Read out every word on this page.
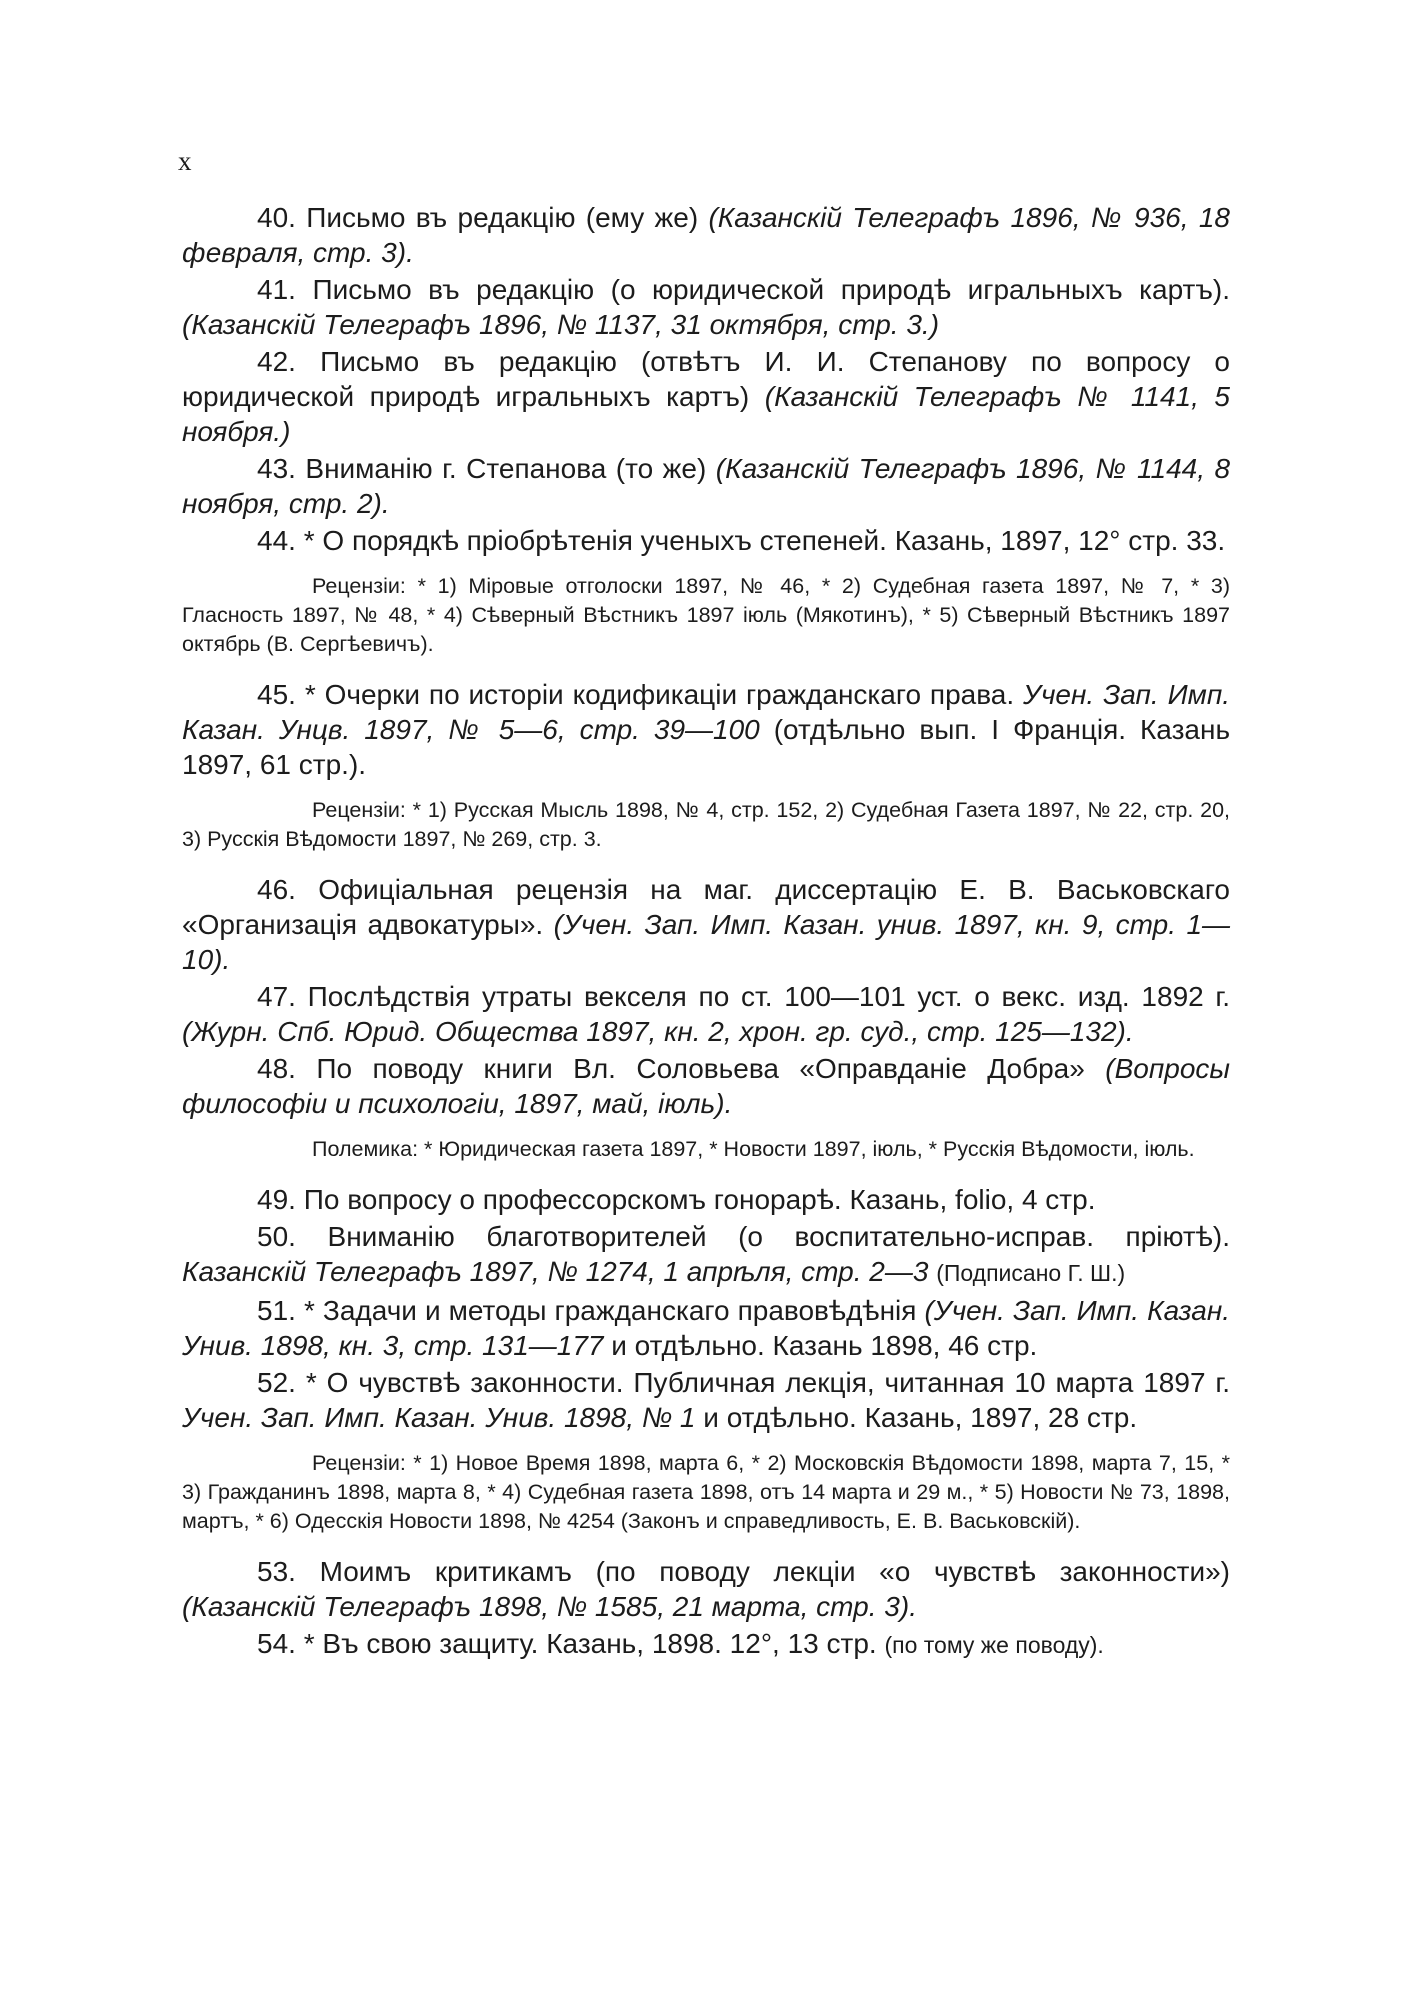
x

40. Письмо въ редакцію (ему же) (Казанскій Телеграфъ 1896, № 936, 18 февраля, стр. 3).

41. Письмо въ редакцію (о юридической природѣ игральныхъ картъ). (Казанскій Телеграфъ 1896, № 1137, 31 октября, стр. 3.)

42. Письмо въ редакцію (отвѣтъ И. И. Степанову по вопросу о юридической природѣ игральныхъ картъ) (Казанскій Телеграфъ № 1141, 5 ноября.)

43. Вниманію г. Степанова (то же) (Казанскій Телеграфъ 1896, № 1144, 8 ноября, стр. 2).

44. * О порядкѣ пріобрѣтенія ученыхъ степеней. Казань, 1897, 12° стр. 33.

Рецензіи: * 1) Міровые отголоски 1897, № 46, * 2) Судебная газета 1897, № 7, * 3) Гласность 1897, № 48, * 4) Сѣверный Вѣстникъ 1897 іюль (Мякотинъ), * 5) Сѣверный Вѣстникъ 1897 октябрь (В. Сергѣевичъ).

45. * Очерки по исторіи кодификаціи гражданскаго права. Учен. Зап. Имп. Казан. Унцв. 1897, № 5—6, стр. 39—100 (отдѣльно вып. I Франція. Казань 1897, 61 стр.).

Рецензіи: * 1) Русская Мысль 1898, № 4, стр. 152, 2) Судебная Газета 1897, № 22, стр. 20, 3) Русскія Вѣдомости 1897, № 269, стр. 3.

46. Офиціальная рецензія на маг. диссертацію Е. В. Васьковскаго «Организація адвокатуры». (Учен. Зап. Имп. Казан. унив. 1897, кн. 9, стр. 1—10).

47. Послѣдствія утраты векселя по ст. 100—101 уст. о векс. изд. 1892 г. (Журн. Спб. Юрид. Общества 1897, кн. 2, хрон. гр. суд., стр. 125—132).

48. По поводу книги Вл. Соловьева «Оправданіе Добра» (Вопросы философіи и психологіи, 1897, май, іюль).

Полемика: * Юридическая газета 1897, * Новости 1897, іюль, * Русскія Вѣдомости, іюль.

49. По вопросу о профессорскомъ гонорарѣ. Казань, folio, 4 стр.

50. Вниманію благотворителей (о воспитательно-исправ. пріютѣ). Казанскій Телеграфъ 1897, № 1274, 1 апрѣля, стр. 2—3 (Подписано Г. Ш.)

51. * Задачи и методы гражданскаго правовѣдѣнія (Учен. Зап. Имп. Казан. Унив. 1898, кн. 3, стр. 131—177 и отдѣльно. Казань 1898, 46 стр.

52. * О чувствѣ законности. Публичная лекція, читанная 10 марта 1897 г. Учен. Зап. Имп. Казан. Унив. 1898, № 1 и отдѣльно. Казань, 1897, 28 стр.

Рецензіи: * 1) Новое Время 1898, марта 6, * 2) Московскія Вѣдомости 1898, марта 7, 15, * 3) Гражданинъ 1898, марта 8, * 4) Судебная газета 1898, отъ 14 марта и 29 м., * 5) Новости № 73, 1898, мартъ, * 6) Одесскія Новости 1898, № 4254 (Законъ и справедливость, Е. В. Васьковскій).

53. Моимъ критикамъ (по поводу лекціи «о чувствѣ законности») (Казанскій Телеграфъ 1898, № 1585, 21 марта, стр. 3).

54. * Въ свою защиту. Казань, 1898. 12°, 13 стр. (по тому же поводу).
